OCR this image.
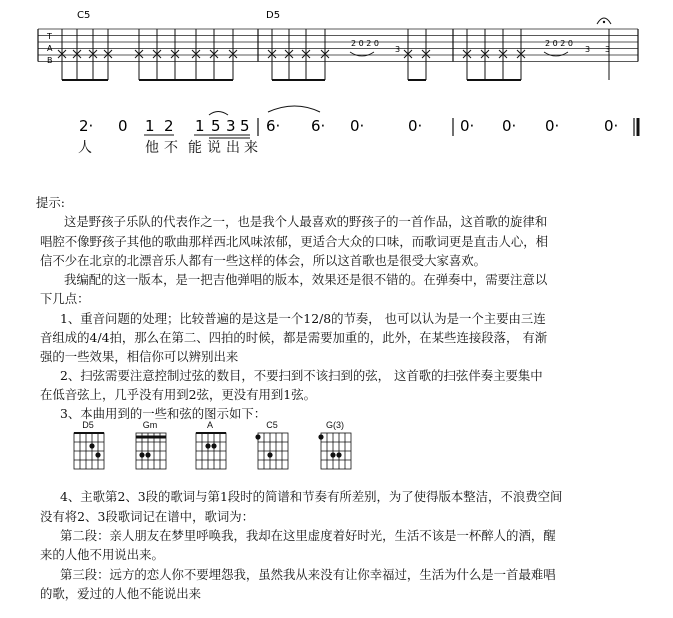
C5	D5
T
A
B
2 0 2 0
3
2 0 2 0
3 3
2· 0 1 2 1 5 3 5 6· 6· 0·	0·	0· 0· 0·	0·
人	他 不 能 说 出 来
提示:
这是野孩子乐队的代表作之一，也是我个人最喜欢的野孩子的一首作品，这首歌的旋律和
唱腔不像野孩子其他的歌曲那样西北风味浓郁，更适合大众的口味，而歌词更是直击人心，相
信不少在北京的北漂音乐人都有一些这样的体会，所以这首歌也是很受大家喜欢。
我编配的这一版本，是一把吉他弹唱的版本，效果还是很不错的。在弹奏中，需要注意以
下几点：
1、重音问题的处理；比较普遍的是这是一个12/8的节奏， 也可以认为是一个主要由三连
音组成的4/4拍，那么在第二、四拍的时候，都是需要加重的，此外，在某些连接段落， 有渐
强的一些效果，相信你可以辨别出来
2、扫弦需要注意控制过弦的数目，不要扫到不该扫到的弦， 这首歌的扫弦伴奏主要集中
在低音弦上，几乎没有用到2弦，更没有用到1弦。
3、本曲用到的一些和弦的图示如下：
4、主歌第2、3段的歌词与第1段时的简谱和节奏有所差别，为了使得版本整洁，不浪费空间
没有将2、3段歌词记在谱中，歌词为：
第二段：亲人朋友在梦里呼唤我，我却在这里虚度着好时光，生活不该是一杯醉人的酒，醒
来的人他不用说出来。
第三段：远方的恋人你不要埋怨我，虽然我从来没有让你幸福过，生活为什么是一首最难唱
的歌，爱过的人他不能说出来
D5	Gm	A	C5	G(3)
